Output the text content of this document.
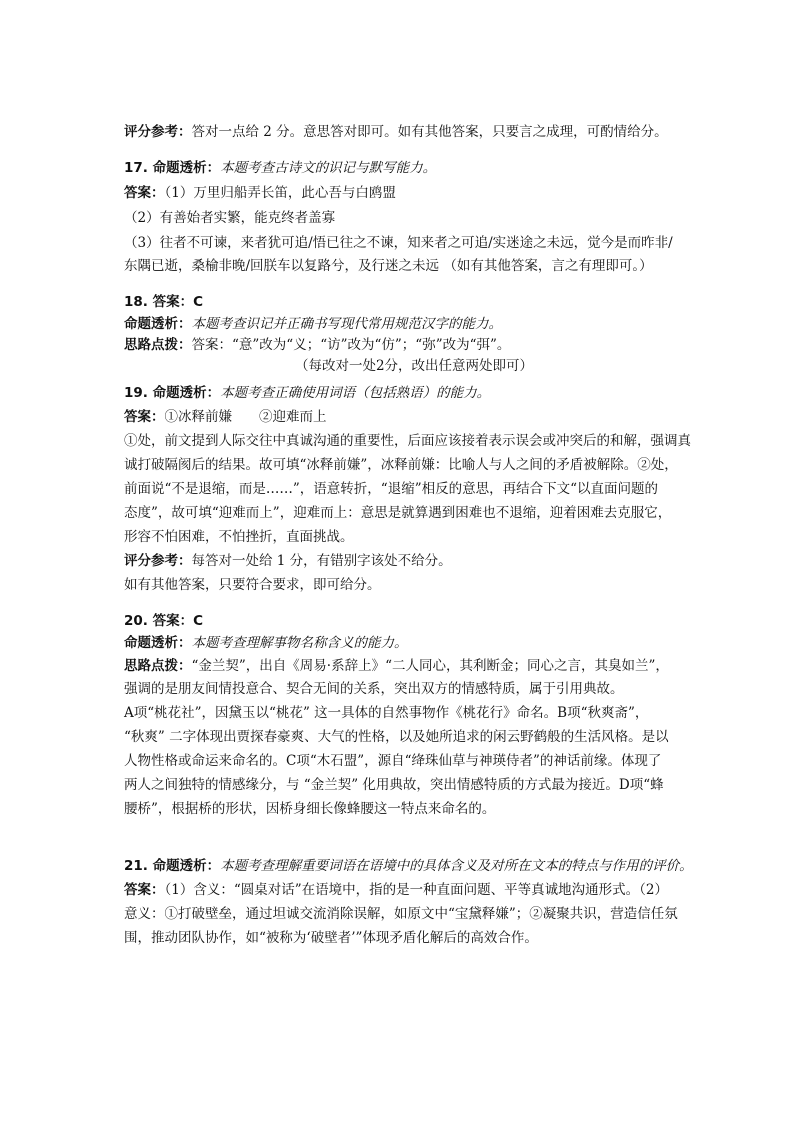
评分参考：答对一点给 2 分。意思答对即可。如有其他答案，只要言之成理，可酌情给分。
17. 命题透析：本题考查古诗文的识记与默写能力。
答案：（1）万里归船弄长笛，此心吾与白鸥盟
（2）有善始者实繁，能克终者盖寡
（3）往者不可谏，来者犹可追/悟已往之不谏，知来者之可追/实迷途之未远，觉今是而昨非/
东隅已逝，桑榆非晚/回朕车以复路兮，及行迷之未远 （如有其他答案，言之有理即可。）
18. 答案：C
命题透析：本题考查识记并正确书写现代常用规范汉字的能力。
思路点拨：答案：“意”改为“义；“访”改为“仿”；“弥”改为“弭”。
（每改对一处2分，改出任意两处即可）
19. 命题透析：本题考查正确使用词语（包括熟语）的能力。
答案：①冰释前嫌　　②迎难而上
①处，前文提到人际交往中真诚沟通的重要性，后面应该接着表示误会或冲突后的和解，强调真
诚打破隔阂后的结果。故可填“冰释前嫌”，冰释前嫌：比喻人与人之间的矛盾被解除。②处，
前面说“不是退缩，而是……”，语意转折，“退缩”相反的意思，再结合下文“以直面问题的
态度”，故可填“迎难而上”，迎难而上：意思是就算遇到困难也不退缩，迎着困难去克服它，
形容不怕困难，不怕挫折，直面挑战。
评分参考：每答对一处给 1 分，有错别字该处不给分。
如有其他答案，只要符合要求，即可给分。
20. 答案：C
命题透析：本题考查理解事物名称含义的能力。
思路点拨：“金兰契”，出自《周易·系辞上》“二人同心，其利断金；同心之言，其臭如兰”，
强调的是朋友间情投意合、契合无间的关系，突出双方的情感特质，属于引用典故。
A项“桃花社”，因黛玉以“桃花” 这一具体的自然事物作《桃花行》命名。B项“秋爽斋”，
“秋爽” 二字体现出贾探春豪爽、大气的性格，以及她所追求的闲云野鹤般的生活风格。是以
人物性格或命运来命名的。C项“木石盟”，源自“绛珠仙草与神瑛侍者”的神话前缘。体现了
两人之间独特的情感缘分，与 “金兰契” 化用典故，突出情感特质的方式最为接近。D项“蜂
腰桥”，根据桥的形状，因桥身细长像蜂腰这一特点来命名的。
21. 命题透析：本题考查理解重要词语在语境中的具体含义及对所在文本的特点与作用的评价。
答案：（1）含义：“圆桌对话”在语境中，指的是一种直面问题、平等真诚地沟通形式。（2）
意义：①打破壁垒，通过坦诚交流消除误解，如原文中“宝黛释嫌”；②凝聚共识，营造信任氛
围，推动团队协作，如“被称为‘破壁者’”体现矛盾化解后的高效合作。
